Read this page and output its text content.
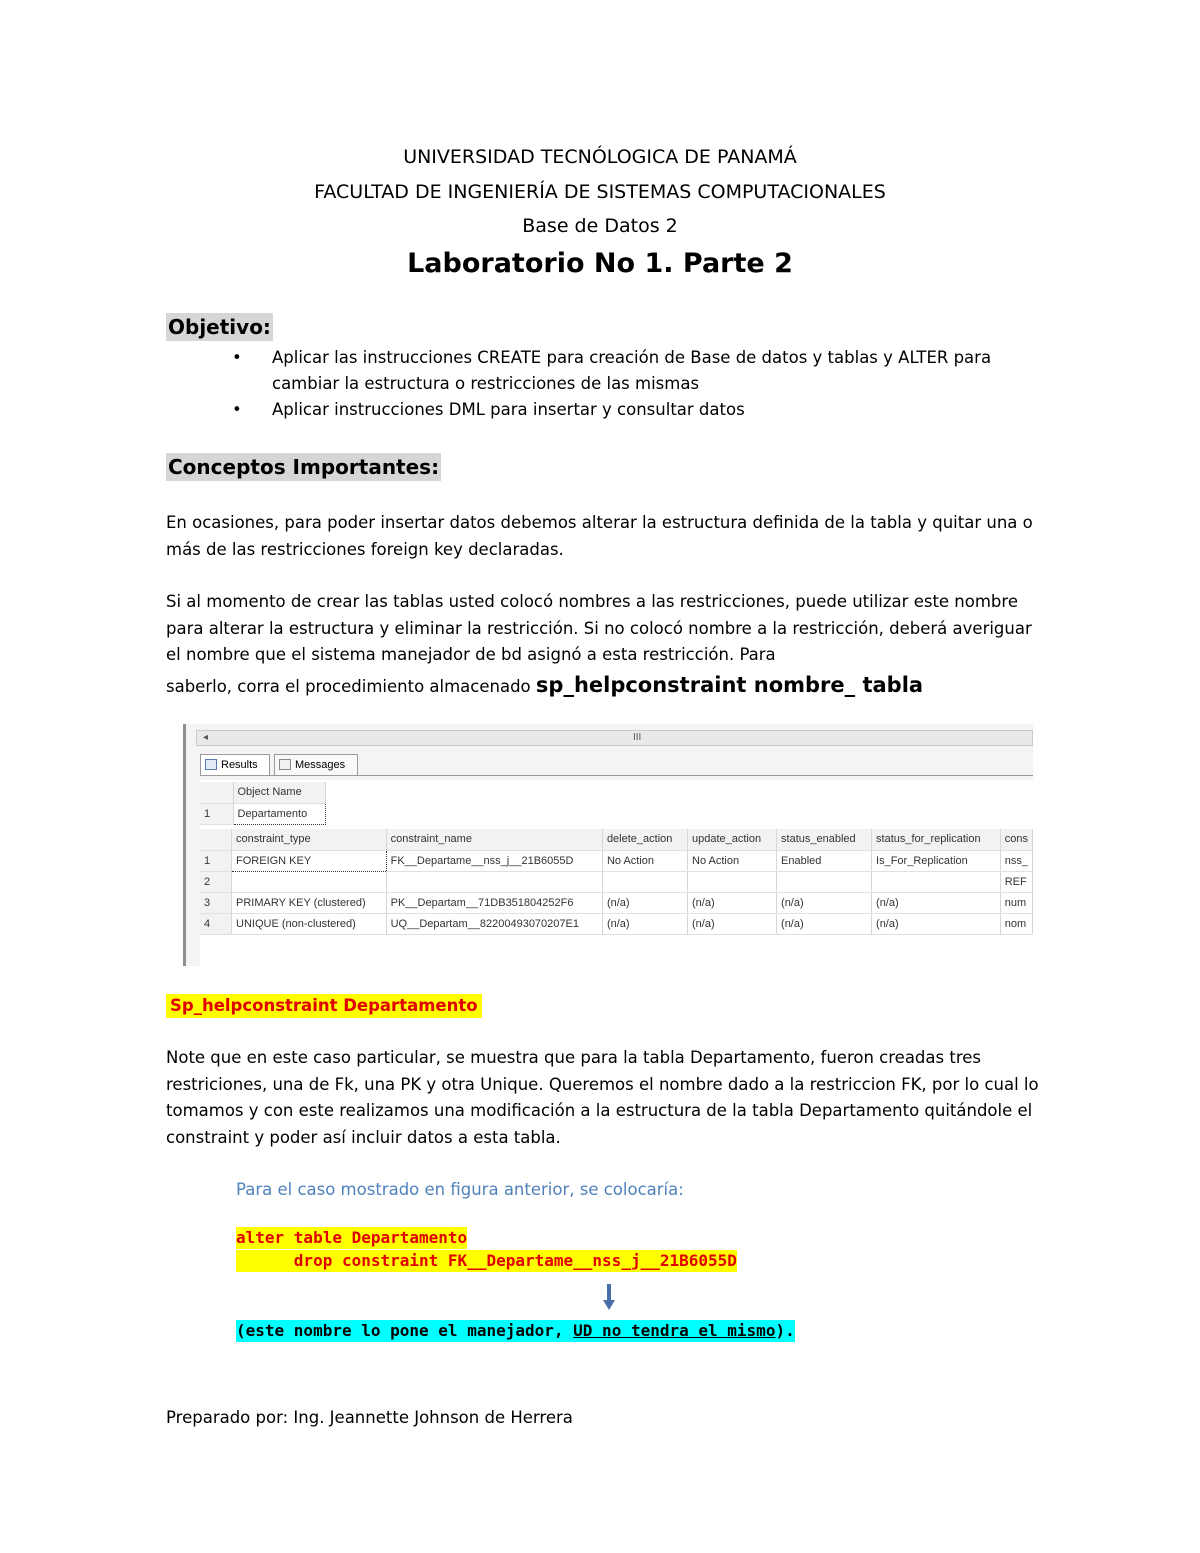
UNIVERSIDAD TECNÓLOGICA DE PANAMÁ
FACULTAD DE INGENIERÍA DE SISTEMAS COMPUTACIONALES
Base de Datos 2
Laboratorio No 1. Parte 2
Objetivo:
• Aplicar las instrucciones CREATE para creación de Base de datos y tablas y ALTER para cambiar la estructura o restricciones de las mismas
• Aplicar instrucciones DML para insertar y consultar datos
Conceptos Importantes:
En ocasiones, para poder insertar datos debemos alterar la estructura definida de la tabla y quitar una o más de las restricciones foreign key declaradas.
Si al momento de crear las tablas usted colocó nombres a las restricciones, puede utilizar este nombre para alterar la estructura y eliminar la restricción. Si no colocó nombre a la restricción, deberá averiguar el nombre que el sistema manejador de bd asignó a esta restricción. Para
saberlo, corra el procedimiento almacenado sp_helpconstraint nombre_ tabla
◂	III
Results	Messages
	Object Name
1	Departamento
	constraint_type	constraint_name	delete_action	update_action	status_enabled	status_for_replication	cons
1	FOREIGN KEY	FK__Departame__nss_j__21B6055D	No Action	No Action	Enabled	Is_For_Replication	nss_
2							REF
3	PRIMARY KEY (clustered)	PK__Departam__71DB351804252F6	(n/a)	(n/a)	(n/a)	(n/a)	num
4	UNIQUE (non-clustered)	UQ__Departam__82200493070207E1	(n/a)	(n/a)	(n/a)	(n/a)	nom
Sp_helpconstraint Departamento
Note que en este caso particular, se muestra que para la tabla Departamento, fueron creadas tres restriciones, una de Fk, una PK y otra Unique. Queremos el nombre dado a la restriccion FK, por lo cual lo tomamos y con este realizamos una modificación a la estructura de la tabla Departamento quitándole el constraint y poder así incluir datos a esta tabla.
Para el caso mostrado en figura anterior, se colocaría:
alter table Departamento
drop constraint FK__Departame__nss_j__21B6055D
(este nombre lo pone el manejador, UD no tendra el mismo).
Preparado por: Ing. Jeannette Johnson de Herrera
